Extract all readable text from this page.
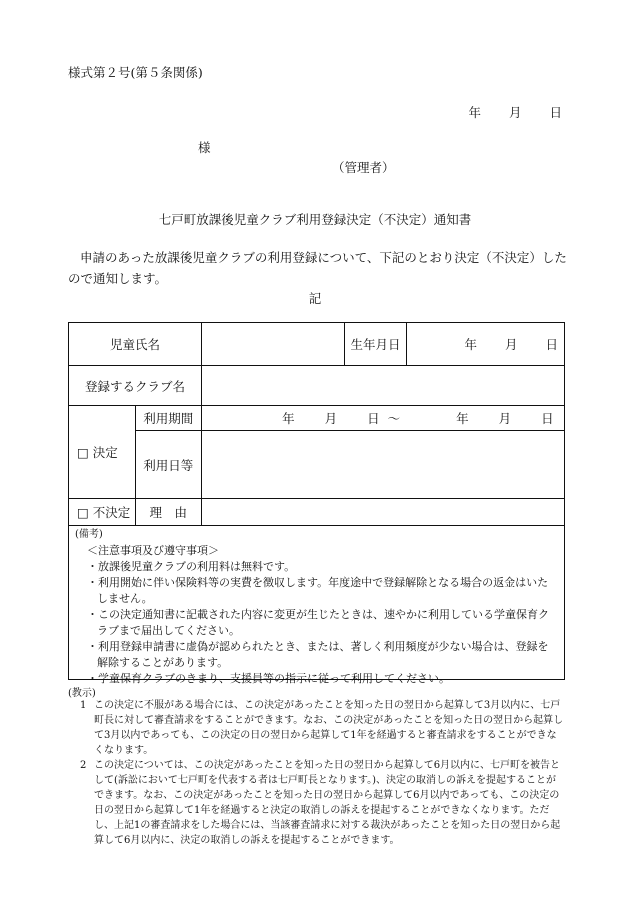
様式第２号(第５条関係)
年 月 日
様
（管理者）
七戸町放課後児童クラブ利用登録決定（不決定）通知書
申請のあった放課後児童クラブの利用登録について、下記のとおり決定（不決定）したので通知します。
記
児童氏名			生年月日	年 月 日

登録するクラブ名				
□ 決定	利用期間	年 月 日 ～ 年 月 日		

	利用日等			
□ 不決定	理　由			
(備考)
＜注意事項及び遵守事項＞
・放課後児童クラブの利用料は無料です。
・利用開始に伴い保険料等の実費を徴収します。年度途中で登録解除となる場合の返金はいたしません。
・この決定通知書に記載された内容に変更が生じたときは、速やかに利用している学童保育クラブまで届出してください。
・利用登録申請書に虚偽が認められたとき、または、著しく利用頻度が少ない場合は、登録を解除することがあります。
・学童保育クラブのきまり、支援員等の指示に従って利用してください。
(教示)
1 この決定に不服がある場合には、この決定があったことを知った日の翌日から起算して3月以内に、七戸町長に対して審査請求をすることができます。なお、この決定があったことを知った日の翌日から起算して3月以内であっても、この決定の日の翌日から起算して1年を経過すると審査請求をすることができなくなります。
2 この決定については、この決定があったことを知った日の翌日から起算して6月以内に、七戸町を被告として(訴訟において七戸町を代表する者は七戸町長となります。)、決定の取消しの訴えを提起することができます。なお、この決定があったことを知った日の翌日から起算して6月以内であっても、この決定の日の翌日から起算して1年を経過すると決定の取消しの訴えを提起することができなくなります。ただし、上記1の審査請求をした場合には、当該審査請求に対する裁決があったことを知った日の翌日から起算して6月以内に、決定の取消しの訴えを提起することができます。
